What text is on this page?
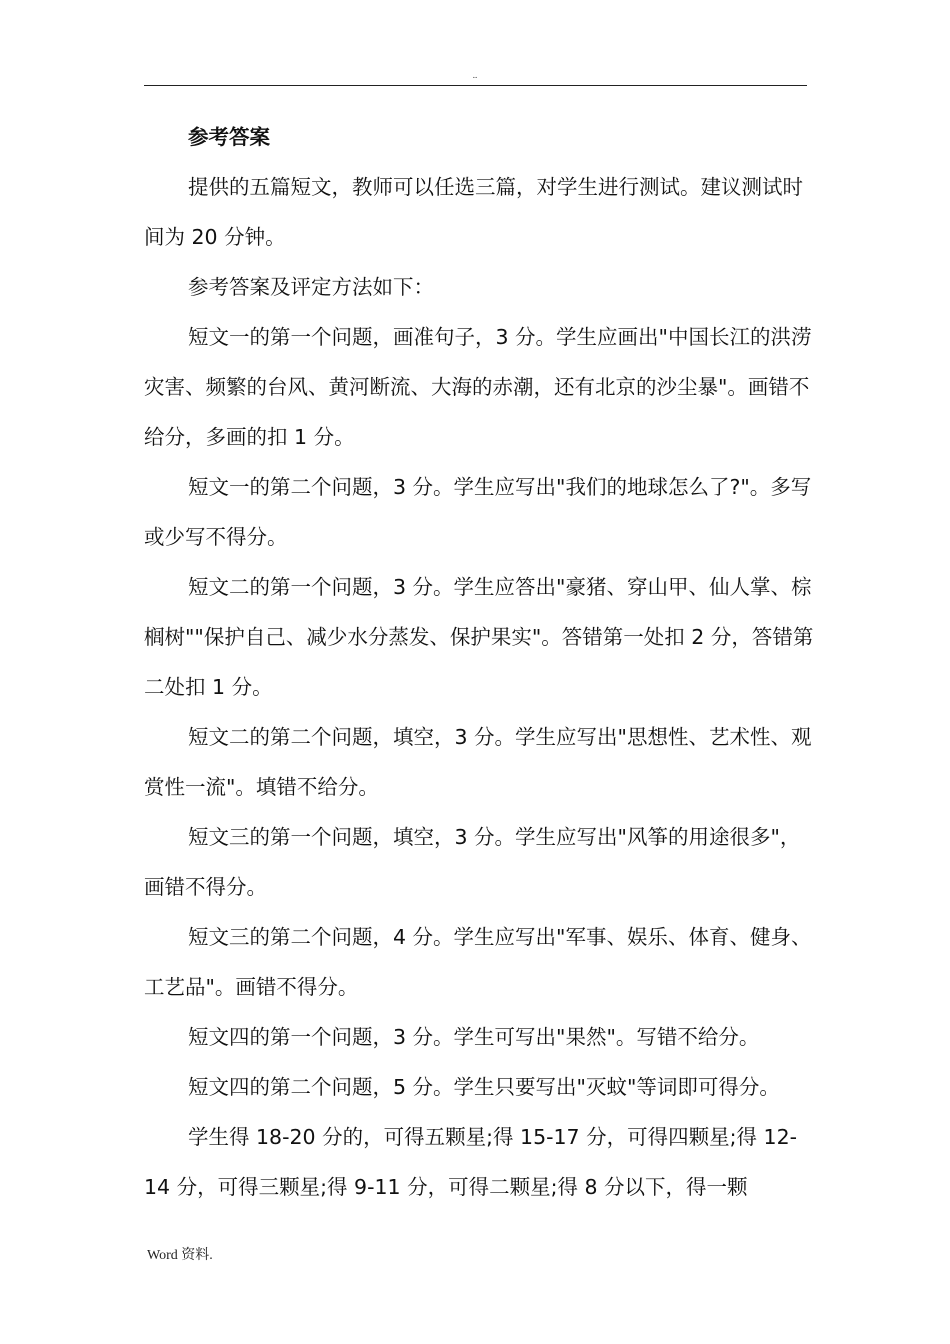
..

参考答案

提供的五篇短文，教师可以任选三篇，对学生进行测试。建议测试时间为 20 分钟。

参考答案及评定方法如下：

短文一的第一个问题，画准句子，3 分。学生应画出"中国长江的洪涝灾害、频繁的台风、黄河断流、大海的赤潮，还有北京的沙尘暴"。画错不给分，多画的扣 1 分。

短文一的第二个问题，3 分。学生应写出"我们的地球怎么了?"。多写或少写不得分。

短文二的第一个问题，3 分。学生应答出"豪猪、穿山甲、仙人掌、棕榈树""保护自己、减少水分蒸发、保护果实"。答错第一处扣 2 分，答错第二处扣 1 分。

短文二的第二个问题，填空，3 分。学生应写出"思想性、艺术性、观赏性一流"。填错不给分。

短文三的第一个问题，填空，3 分。学生应写出"风筝的用途很多"，画错不得分。

短文三的第二个问题，4 分。学生应写出"军事、娱乐、体育、健身、工艺品"。画错不得分。

短文四的第一个问题，3 分。学生可写出"果然"。写错不给分。

短文四的第二个问题，5 分。学生只要写出"灭蚊"等词即可得分。

学生得 18-20 分的，可得五颗星;得 15-17 分，可得四颗星;得 12-14 分，可得三颗星;得 9-11 分，可得二颗星;得 8 分以下，得一颗

Word 资料.
